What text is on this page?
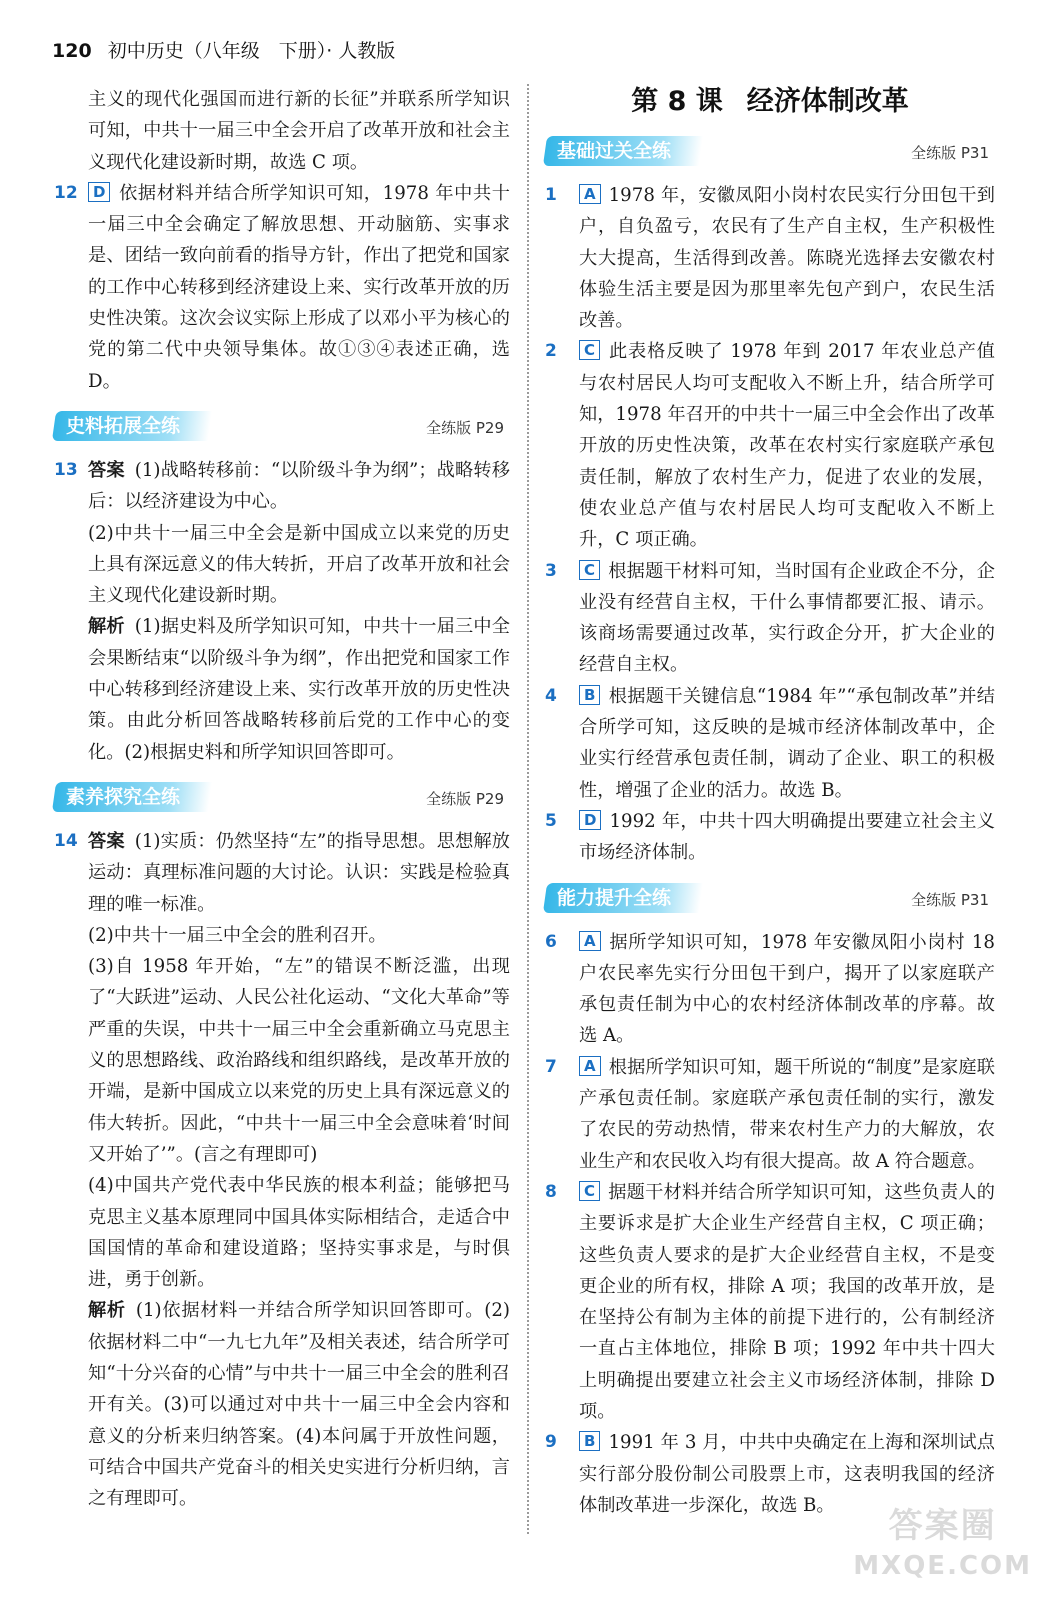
120 初中历史（八年级　下册）· 人教版

主义的现代化强国而进行新的长征”并联系所学知识可知，中共十一届三中全会开启了改革开放和社会主义现代化建设新时期，故选 C 项。

12 D 依据材料并结合所学知识可知，1978 年中共十一届三中全会确定了解放思想、开动脑筋、实事求是、团结一致向前看的指导方针，作出了把党和国家的工作中心转移到经济建设上来、实行改革开放的历史性决策。这次会议实际上形成了以邓小平为核心的党的第二代中央领导集体。故①③④表述正确，选 D。
史料拓展全练	全练版 P29
13 答案 (1)战略转移前：“以阶级斗争为纲”；战略转移后：以经济建设为中心。

(2)中共十一届三中全会是新中国成立以来党的历史上具有深远意义的伟大转折，开启了改革开放和社会主义现代化建设新时期。

解析 (1)据史料及所学知识可知，中共十一届三中全会果断结束“以阶级斗争为纲”，作出把党和国家工作中心转移到经济建设上来、实行改革开放的历史性决策。由此分析回答战略转移前后党的工作中心的变化。(2)根据史料和所学知识回答即可。

素养探究全练	全练版 P29
14 答案 (1)实质：仍然坚持“左”的指导思想。思想解放运动：真理标准问题的大讨论。认识：实践是检验真理的唯一标准。

(2)中共十一届三中全会的胜利召开。

(3)自 1958 年开始，“左”的错误不断泛滥，出现了“大跃进”运动、人民公社化运动、“文化大革命”等严重的失误，中共十一届三中全会重新确立马克思主义的思想路线、政治路线和组织路线，是改革开放的开端，是新中国成立以来党的历史上具有深远意义的伟大转折。因此，“中共十一届三中全会意味着‘时间又开始了’”。(言之有理即可)

(4)中国共产党代表中华民族的根本利益；能够把马克思主义基本原理同中国具体实际相结合，走适合中国国情的革命和建设道路；坚持实事求是，与时俱进，勇于创新。

解析 (1)依据材料一并结合所学知识回答即可。(2)依据材料二中“一九七九年”及相关表述，结合所学可知“十分兴奋的心情”与中共十一届三中全会的胜利召开有关。(3)可以通过对中共十一届三中全会内容和意义的分析来归纳答案。(4)本问属于开放性问题，可结合中国共产党奋斗的相关史实进行分析归纳，言之有理即可。

第 8 课 经济体制改革
基础过关全练	全练版 P31
1 A 1978 年，安徽凤阳小岗村农民实行分田包干到户，自负盈亏，农民有了生产自主权，生产积极性大大提高，生活得到改善。陈晓光选择去安徽农村体验生活主要是因为那里率先包产到户，农民生活改善。
2 C 此表格反映了 1978 年到 2017 年农业总产值与农村居民人均可支配收入不断上升，结合所学可知，1978 年召开的中共十一届三中全会作出了改革开放的历史性决策，改革在农村实行家庭联产承包责任制，解放了农村生产力，促进了农业的发展，使农业总产值与农村居民人均可支配收入不断上升，C 项正确。
3 C 根据题干材料可知，当时国有企业政企不分，企业没有经营自主权，干什么事情都要汇报、请示。该商场需要通过改革，实行政企分开，扩大企业的经营自主权。
4 B 根据题干关键信息“1984 年”“承包制改革”并结合所学可知，这反映的是城市经济体制改革中，企业实行经营承包责任制，调动了企业、职工的积极性，增强了企业的活力。故选 B。
5 D 1992 年，中共十四大明确提出要建立社会主义市场经济体制。
能力提升全练	全练版 P31
6 A 据所学知识可知，1978 年安徽凤阳小岗村 18 户农民率先实行分田包干到户，揭开了以家庭联产承包责任制为中心的农村经济体制改革的序幕。故选 A。
7 A 根据所学知识可知，题干所说的“制度”是家庭联产承包责任制。家庭联产承包责任制的实行，激发了农民的劳动热情，带来农村生产力的大解放，农业生产和农民收入均有很大提高。故 A 符合题意。
8 C 据题干材料并结合所学知识可知，这些负责人的主要诉求是扩大企业生产经营自主权，C 项正确；这些负责人要求的是扩大企业经营自主权，不是变更企业的所有权，排除 A 项；我国的改革开放，是在坚持公有制为主体的前提下进行的，公有制经济一直占主体地位，排除 B 项；1992 年中共十四大上明确提出要建立社会主义市场经济体制，排除 D 项。
9 B 1991 年 3 月，中共中央确定在上海和深圳试点实行部分股份制公司股票上市，这表明我国的经济体制改革进一步深化，故选 B。
答案圈
MXQE.COM
